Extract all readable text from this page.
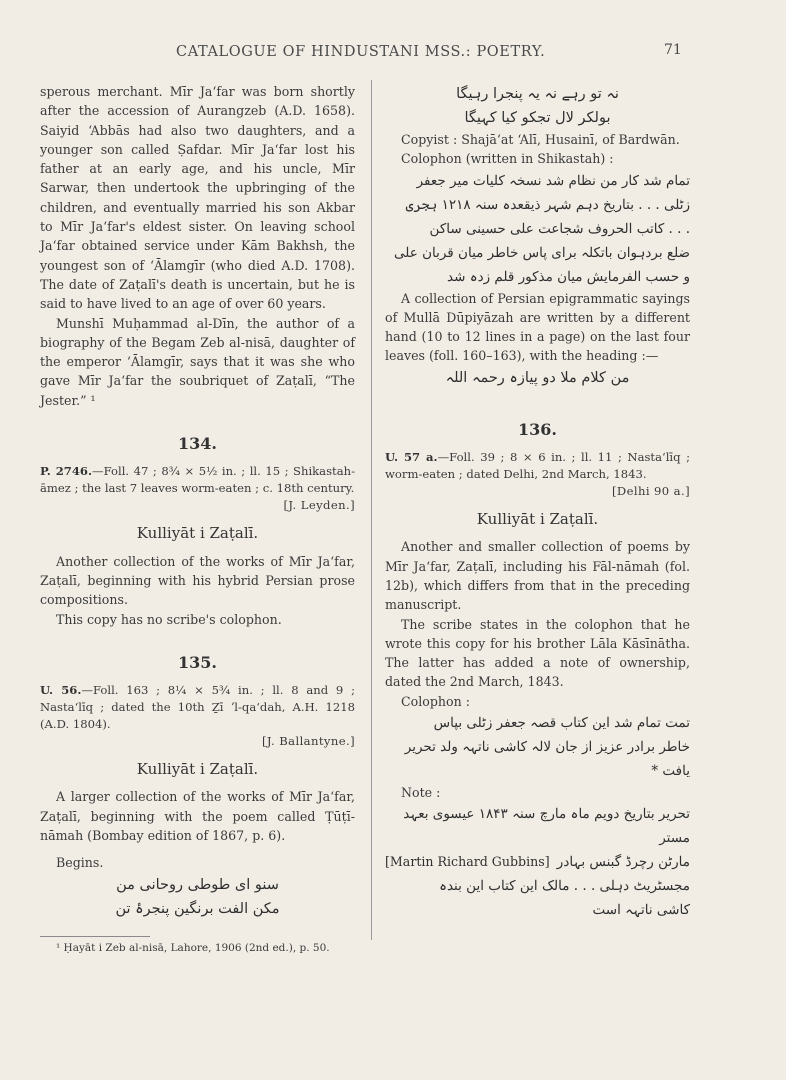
CATALOGUE OF HINDUSTANI MSS.: POETRY.	71

sperous merchant. Mīr Jaʻfar was born shortly after the accession of Aurangzeb (A.D. 1658). Saiyid ʻAbbās had also two daughters, and a younger son called Ṣafdar. Mīr Jaʻfar lost his father at an early age, and his uncle, Mīr Sarwar, then undertook the upbringing of the children, and eventually married his son Akbar to Mīr Jaʻfar's eldest sister. On leaving school Jaʻfar obtained service under Kām Bakhsh, the youngest son of ʻĀlamgīr (who died A.D. 1708). The date of Zaṭalī's death is uncertain, but he is said to have lived to an age of over 60 years.

Munshī Muḥammad al-Dīn, the author of a biography of the Begam Zeb al-nisā, daughter of the emperor ʻĀlamgīr, says that it was she who gave Mīr Jaʻfar the soubriquet of Zaṭalī, “The Jester.” ¹

134.
P. 2746.—Foll. 47 ; 8¾ × 5½ in. ; ll. 15 ; Shikastah-āmez ; the last 7 leaves worm-eaten ; c. 18th century.
[J. Leyden.]
Kulliyāt i Zaṭalī.

Another collection of the works of Mīr Jaʻfar, Zaṭalī, beginning with his hybrid Persian prose compositions.

This copy has no scribe's colophon.

135.
U. 56.—Foll. 163 ; 8¼ × 5¾ in. ; ll. 8 and 9 ; Nastaʻlīq ; dated the 10th Ẕī ʼl-qaʻdah, A.H. 1218 (A.D. 1804).
[J. Ballantyne.]
Kulliyāt i Zaṭalī.

A larger collection of the works of Mīr Jaʻfar, Zaṭalī, beginning with the poem called Ṭūṭī-nāmah (Bombay edition of 1867, p. 6).

Begins.

سنو ای طوطی روحانی من
مکن الفت برنگین پنجرۂ تن
¹ Ḥayāt i Zeb al-nisā, Lahore, 1906 (2nd ed.), p. 50.
نہ تو رہے نہ یہ پنجرا رہیگا
بولکر لال تجکو کیا کہیگا

Copyist : Shajāʻat ʻAlī, Husainī, of Bardwān.

Colophon (written in Shikastah) :

تمام شد کار من نظام شد نسخہ کلیات میر جعفر
زٹلی . . . بتاریخ دہم شہر ذیقعدہ سنہ ۱۲۱۸ ہجری
. . . کاتب الحروف شجاعت علی حسینی ساکن
ضلع بردہوان باتکلہ برای پاس خاطر میان قربان علی
و حسب الفرمایش میان مذکور قلم زدہ شد

A collection of Persian epigrammatic sayings of Mullā Dūpiyāzah are written by a different hand (10 to 12 lines in a page) on the last four leaves (foll. 160–163), with the heading :—

من کلام ملا دو پیازہ رحمہ اللہ
136.
U. 57 a.—Foll. 39 ; 8 × 6 in. ; ll. 11 ; Nastaʻlīq ; worm-eaten ; dated Delhi, 2nd March, 1843.
[Delhi 90 a.]
Kulliyāt i Zaṭalī.

Another and smaller collection of poems by Mīr Jaʻfar, Zaṭalī, including his Fāl-nāmah (fol. 12b), which differs from that in the preceding manuscript.

The scribe states in the colophon that he wrote this copy for his brother Lāla Kāsīnātha. The latter has added a note of ownership, dated the 2nd March, 1843.

Colophon :

تمت تمام شد این کتاب قصہ جعفر زٹلی بپاس
خاطر برادر عزیز از جان لالہ کاشی ناتہہ ولد تحریر
یافت *

Note :

تحریر بتاریخ دویم ماہ مارچ سنہ ۱۸۴۳ عیسوی بعہد مستر
[Martin Richard Gubbins] مارٹن رچرڈ گبنس بہادر
مجسٹریٹ دہلی . . . مالک این کتاب این بندہ
کاشی ناتہہ است
